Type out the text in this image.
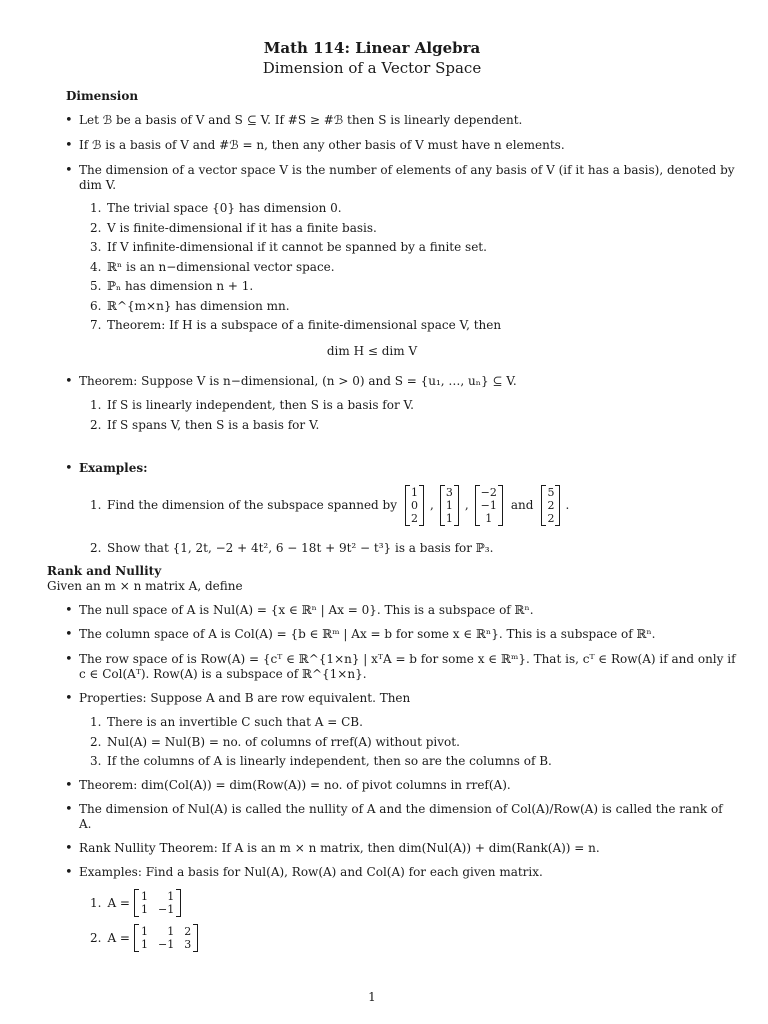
Math 114: Linear Algebra
Dimension of a Vector Space
Dimension
• Let ℬ be a basis of V and S ⊆ V. If #S ≥ #ℬ then S is linearly dependent.
• If ℬ is a basis of V and #ℬ = n, then any other basis of V must have n elements.
• The dimension of a vector space V is the number of elements of any basis of V (if it has a basis), denoted by
dim V.
1. The trivial space {0} has dimension 0.
2. V is finite-dimensional if it has a finite basis.
3. If V infinite-dimensional if it cannot be spanned by a finite set.
4. ℝⁿ is an n−dimensional vector space.
5. ℙₙ has dimension n + 1.
6. ℝ^{m×n} has dimension mn.
7. Theorem: If H is a subspace of a finite-dimensional space V, then
dim H ≤ dim V
• Theorem: Suppose V is n−dimensional, (n > 0) and S = {u₁, …, uₙ} ⊆ V.
1. If S is linearly independent, then S is a basis for V.
2. If S spans V, then S is a basis for V.
• Examples:
1. Find the dimension of the subspace spanned by
1
0
2
,
3
1
1
,
−2
−1
1
and
5
2
2
.
2. Show that {1, 2t, −2 + 4t², 6 − 18t + 9t² − t³} is a basis for ℙ₃.
Rank and Nullity
Given an m × n matrix A, define
• The null space of A is Nul(A) = {x ∈ ℝⁿ | Ax = 0}. This is a subspace of ℝⁿ.
• The column space of A is Col(A) = {b ∈ ℝᵐ | Ax = b for some x ∈ ℝⁿ}. This is a subspace of ℝⁿ.
• The row space of is Row(A) = {cᵀ ∈ ℝ^{1×n} | xᵀA = b for some x ∈ ℝᵐ}. That is, cᵀ ∈ Row(A) if and only if
c ∈ Col(Aᵀ). Row(A) is a subspace of ℝ^{1×n}.
• Properties: Suppose A and B are row equivalent. Then
1. There is an invertible C such that A = CB.
2. Nul(A) = Nul(B) = no. of columns of rref(A) without pivot.
3. If the columns of A is linearly independent, then so are the columns of B.
• Theorem: dim(Col(A)) = dim(Row(A)) = no. of pivot columns in rref(A).
• The dimension of Nul(A) is called the nullity of A and the dimension of Col(A)/Row(A) is called the rank of
A.
• Rank Nullity Theorem: If A is an m × n matrix, then dim(Nul(A)) + dim(Rank(A)) = n.
• Examples: Find a basis for Nul(A), Row(A) and Col(A) for each given matrix.
1. A = 1	1
1 −1
2. A = 1	1 2
1 −1 3
1
